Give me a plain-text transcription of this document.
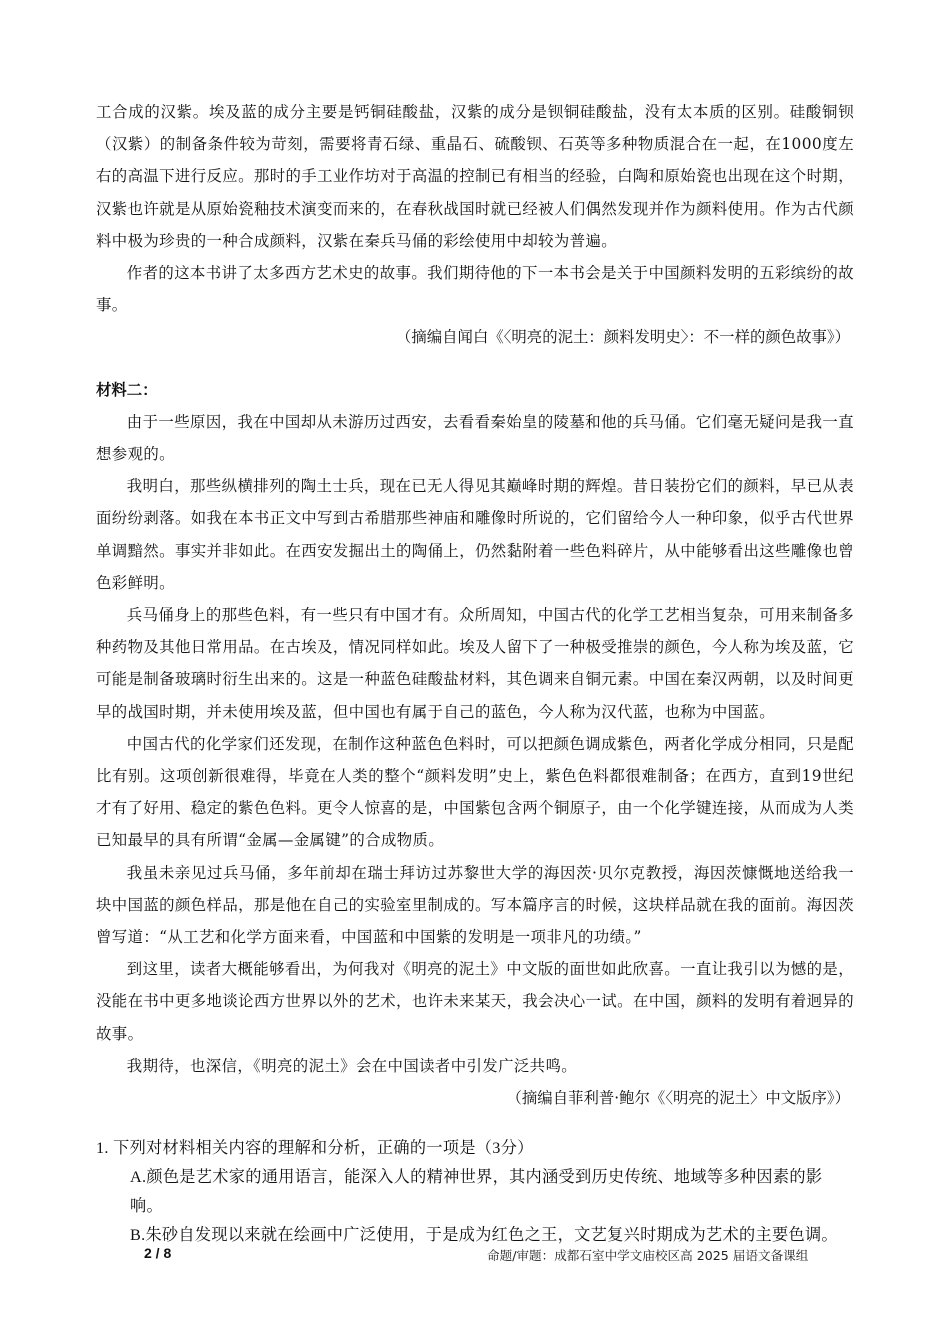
工合成的汉紫。埃及蓝的成分主要是钙铜硅酸盐，汉紫的成分是钡铜硅酸盐，没有太本质的区别。硅酸铜钡（汉紫）的制备条件较为苛刻，需要将青石绿、重晶石、硫酸钡、石英等多种物质混合在一起，在1000度左右的高温下进行反应。那时的手工业作坊对于高温的控制已有相当的经验，白陶和原始瓷也出现在这个时期，汉紫也许就是从原始瓷釉技术演变而来的，在春秋战国时就已经被人们偶然发现并作为颜料使用。作为古代颜料中极为珍贵的一种合成颜料，汉紫在秦兵马俑的彩绘使用中却较为普遍。

作者的这本书讲了太多西方艺术史的故事。我们期待他的下一本书会是关于中国颜料发明的五彩缤纷的故事。

（摘编自闻白《〈明亮的泥土：颜料发明史〉：不一样的颜色故事》）

材料二：

由于一些原因，我在中国却从未游历过西安，去看看秦始皇的陵墓和他的兵马俑。它们毫无疑问是我一直想参观的。

我明白，那些纵横排列的陶土士兵，现在已无人得见其巅峰时期的辉煌。昔日装扮它们的颜料，早已从表面纷纷剥落。如我在本书正文中写到古希腊那些神庙和雕像时所说的，它们留给今人一种印象，似乎古代世界单调黯然。事实并非如此。在西安发掘出土的陶俑上，仍然黏附着一些色料碎片，从中能够看出这些雕像也曾色彩鲜明。

兵马俑身上的那些色料，有一些只有中国才有。众所周知，中国古代的化学工艺相当复杂，可用来制备多种药物及其他日常用品。在古埃及，情况同样如此。埃及人留下了一种极受推崇的颜色，今人称为埃及蓝，它可能是制备玻璃时衍生出来的。这是一种蓝色硅酸盐材料，其色调来自铜元素。中国在秦汉两朝，以及时间更早的战国时期，并未使用埃及蓝，但中国也有属于自己的蓝色，今人称为汉代蓝，也称为中国蓝。

中国古代的化学家们还发现，在制作这种蓝色色料时，可以把颜色调成紫色，两者化学成分相同，只是配比有别。这项创新很难得，毕竟在人类的整个“颜料发明”史上，紫色色料都很难制备；在西方，直到19世纪才有了好用、稳定的紫色色料。更令人惊喜的是，中国紫包含两个铜原子，由一个化学键连接，从而成为人类已知最早的具有所谓“金属—金属键”的合成物质。

我虽未亲见过兵马俑，多年前却在瑞士拜访过苏黎世大学的海因茨·贝尔克教授，海因茨慷慨地送给我一块中国蓝的颜色样品，那是他在自己的实验室里制成的。写本篇序言的时候，这块样品就在我的面前。海因茨曾写道：“从工艺和化学方面来看，中国蓝和中国紫的发明是一项非凡的功绩。”

到这里，读者大概能够看出，为何我对《明亮的泥土》中文版的面世如此欣喜。一直让我引以为憾的是，没能在书中更多地谈论西方世界以外的艺术，也许未来某天，我会决心一试。在中国，颜料的发明有着迥异的故事。

我期待，也深信，《明亮的泥土》会在中国读者中引发广泛共鸣。

（摘编自菲利普·鲍尔《〈明亮的泥土〉中文版序》）

1. 下列对材料相关内容的理解和分析，正确的一项是（3分）

A.颜色是艺术家的通用语言，能深入人的精神世界，其内涵受到历史传统、地域等多种因素的影响。

B.朱砂自发现以来就在绘画中广泛使用，于是成为红色之王，文艺复兴时期成为艺术的主要色调。

2 / 8	命题/审题：成都石室中学文庙校区高 2025 届语文备课组
